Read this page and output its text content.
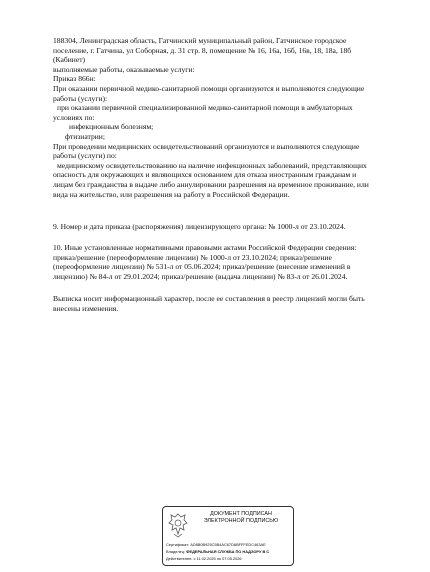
188304, Ленинградская область, Гатчинский муниципальный район, Гатчинское городское
поселение, г. Гатчина, ул Соборная, д. 31 стр. 8, помещение № 16, 16а, 16б, 16в, 18, 18а, 18б
(Кабинет)
выполняемые работы, оказываемые услуги:
Приказ 866н:
При оказании первичной медико-санитарной помощи организуются и выполняются следующие
работы (услуги):
при оказании первичной специализированной медико-санитарной помощи в амбулаторных
условиях по:
инфекционным болезням;
фтизиатрии;
При проведении медицинских освидетельствований организуются и выполняются следующие
работы (услуги) по:
медицинскому освидетельствованию на наличие инфекционных заболеваний, представляющих
опасность для окружающих и являющихся основанием для отказа иностранным гражданам и
лицам без гражданства в выдаче либо аннулировании разрешения на временное проживание, или
вида на жительство, или разрешения на работу в Российской Федерации.
9. Номер и дата приказа (распоряжения) лицензирующего органа: № 1000-л от 23.10.2024.
10. Иные установленные нормативными правовыми актами Российской Федерации сведения:
приказ/решение (переоформление лицензии) № 1000-л от 23.10.2024; приказ/решение
(переоформление лицензии) № 531-л от 05.06.2024; приказ/решение (внесение изменений в
лицензию) № 84-л от 29.01.2024; приказ/решение (выдача лицензии) № 83-л от 26.01.2024.
Выписка носит информационный характер, после ее составления в реестр лицензий могли быть
внесены изменения.
ДОКУМЕНТ ПОДПИСАН
ЭЛЕКТРОННОЙ ПОДПИСЬЮ
Сертификат: AD8B0B925C5B4AC67D6BFFFEDC463AE
Владелец: ФЕДЕРАЛЬНАЯ СЛУЖБА ПО НАДЗОРУ В С
Действителен: с 11.02.2025 по 07.05.2026
